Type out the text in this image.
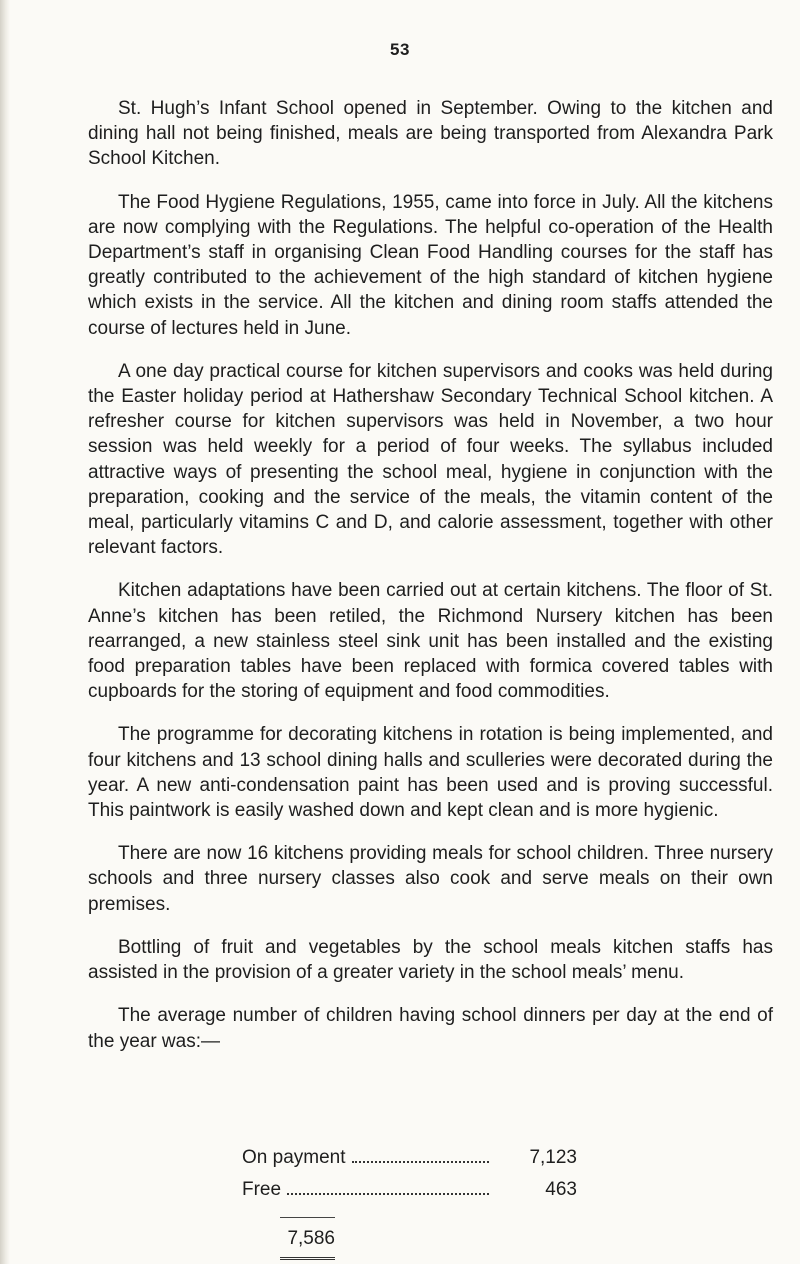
53

St. Hugh’s Infant School opened in September. Owing to the kitchen and dining hall not being finished, meals are being transported from Alexandra Park School Kitchen.

The Food Hygiene Regulations, 1955, came into force in July. All the kitchens are now complying with the Regulations. The helpful co-operation of the Health Department’s staff in organising Clean Food Handling courses for the staff has greatly contributed to the achievement of the high standard of kitchen hygiene which exists in the service. All the kitchen and dining room staffs attended the course of lectures held in June.

A one day practical course for kitchen supervisors and cooks was held during the Easter holiday period at Hathershaw Secondary Technical School kitchen. A refresher course for kitchen supervisors was held in November, a two hour session was held weekly for a period of four weeks. The syllabus included attractive ways of presenting the school meal, hygiene in conjunction with the preparation, cooking and the service of the meals, the vitamin content of the meal, particularly vitamins C and D, and calorie assessment, together with other relevant factors.

Kitchen adaptations have been carried out at certain kitchens. The floor of St. Anne’s kitchen has been retiled, the Richmond Nursery kitchen has been rearranged, a new stainless steel sink unit has been installed and the existing food preparation tables have been replaced with formica covered tables with cupboards for the storing of equipment and food commodities.

The programme for decorating kitchens in rotation is being implemented, and four kitchens and 13 school dining halls and sculleries were decorated during the year. A new anti-condensation paint has been used and is proving successful. This paintwork is easily washed down and kept clean and is more hygienic.

There are now 16 kitchens providing meals for school children. Three nursery schools and three nursery classes also cook and serve meals on their own premises.

Bottling of fruit and vegetables by the school meals kitchen staffs has assisted in the provision of a greater variety in the school meals’ menu.

The average number of children having school dinners per day at the end of the year was:—

On payment	7,123
Free	463
7,586
